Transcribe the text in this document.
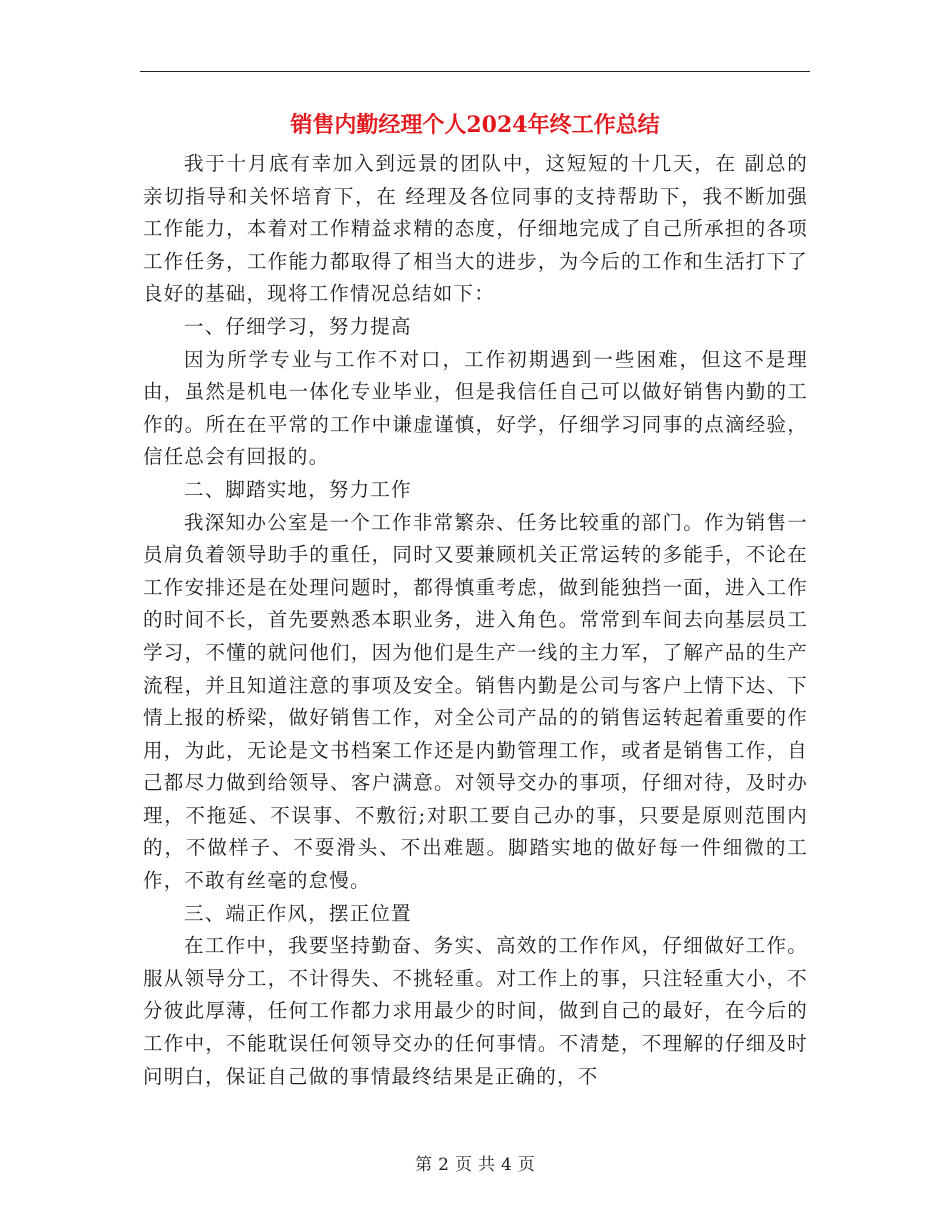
销售内勤经理个人2024年终工作总结

我于十月底有幸加入到远景的团队中，这短短的十几天，在 副总的亲切指导和关怀培育下，在 经理及各位同事的支持帮助下，我不断加强工作能力，本着对工作精益求精的态度，仔细地完成了自己所承担的各项工作任务，工作能力都取得了相当大的进步，为今后的工作和生活打下了良好的基础，现将工作情况总结如下：

一、仔细学习，努力提高

因为所学专业与工作不对口，工作初期遇到一些困难，但这不是理由，虽然是机电一体化专业毕业，但是我信任自己可以做好销售内勤的工作的。所在在平常的工作中谦虚谨慎，好学，仔细学习同事的点滴经验，信任总会有回报的。

二、脚踏实地，努力工作

我深知办公室是一个工作非常繁杂、任务比较重的部门。作为销售一员肩负着领导助手的重任，同时又要兼顾机关正常运转的多能手，不论在工作安排还是在处理问题时，都得慎重考虑，做到能独挡一面，进入工作的时间不长，首先要熟悉本职业务，进入角色。常常到车间去向基层员工学习，不懂的就问他们，因为他们是生产一线的主力军，了解产品的生产流程，并且知道注意的事项及安全。销售内勤是公司与客户上情下达、下情上报的桥梁，做好销售工作，对全公司产品的的销售运转起着重要的作用，为此，无论是文书档案工作还是内勤管理工作，或者是销售工作，自己都尽力做到给领导、客户满意。对领导交办的事项，仔细对待，及时办理，不拖延、不误事、不敷衍;对职工要自己办的事，只要是原则范围内的，不做样子、不耍滑头、不出难题。脚踏实地的做好每一件细微的工作，不敢有丝毫的怠慢。

三、端正作风，摆正位置

在工作中，我要坚持勤奋、务实、高效的工作作风，仔细做好工作。服从领导分工，不计得失、不挑轻重。对工作上的事，只注轻重大小，不分彼此厚薄，任何工作都力求用最少的时间，做到自己的最好，在今后的工作中，不能耽误任何领导交办的任何事情。不清楚，不理解的仔细及时问明白，保证自己做的事情最终结果是正确的，不

第 2 页 共 4 页
